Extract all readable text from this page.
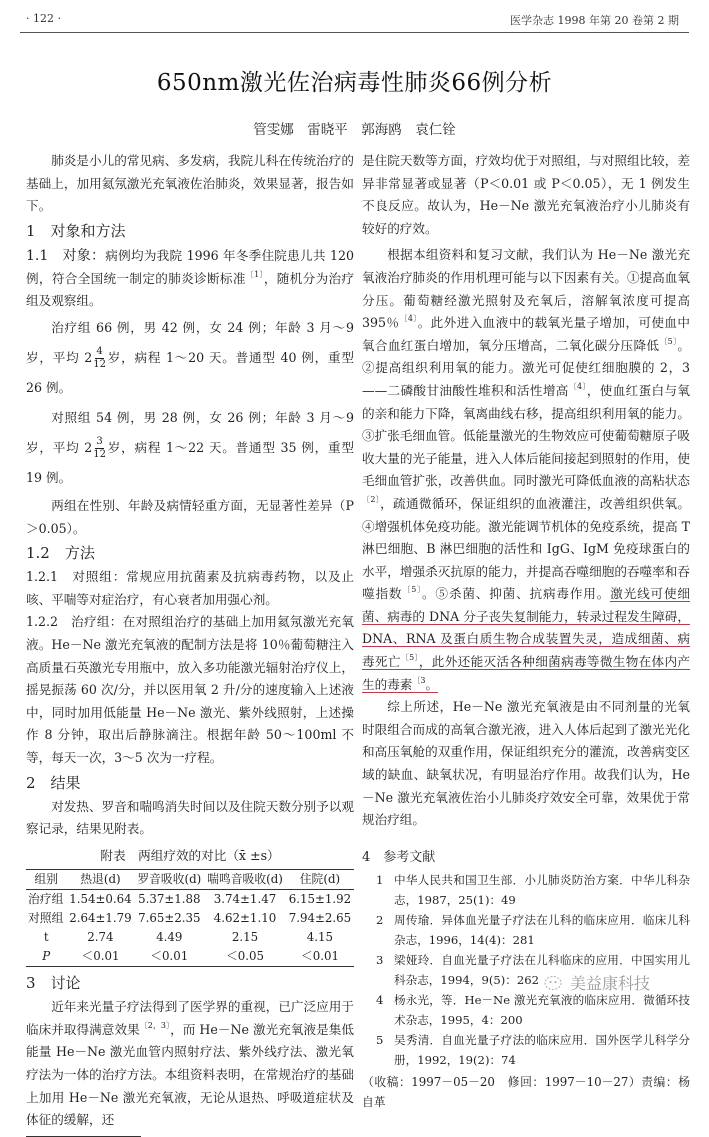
· 122 ·	医学杂志 1998 年第 20 卷第 2 期
650nm激光佐治病毒性肺炎66例分析
管雯娜　雷晓平　郭海鸥　袁仁铨

肺炎是小儿的常见病、多发病，我院儿科在传统治疗的基础上，加用氦氖激光充氧液佐治肺炎，效果显著，报告如下。

1　对象和方法

1.1 对象：病例均为我院 1996 年冬季住院患儿共 120 例，符合全国统一制定的肺炎诊断标准$^{〔1〕}$，随机分为治疗组及观察组。

治疗组 66 例，男 42 例，女 24 例；年龄 3 月～9 岁，平均 $2 \frac{4}{12}$ 岁，病程 1～20 天。普通型 40 例，重型 26 例。

对照组 54 例，男 28 例，女 26 例；年龄 3 月～9 岁，平均 $2 \frac{3}{12}$ 岁，病程 1～22 天。普通型 35 例，重型 19 例。

两组在性别、年龄及病情轻重方面，无显著性差异（P＞0.05）。

1.2　方法

1.2.1　对照组：常规应用抗菌素及抗病毒药物，以及止咳、平喘等对症治疗，有心衰者加用强心剂。

1.2.2　治疗组：在对照组治疗的基础上加用氦氖激光充氧液。He－Ne 激光充氧液的配制方法是将 10％葡萄糖注入高质量石英激光专用瓶中，放入多功能激光辐射治疗仪上，摇晃振荡 60 次/分，并以医用氧 2 升/分的速度输入上述液中，同时加用低能量 He－Ne 激光、紫外线照射，上述操作 8 分钟，取出后静脉滴注。根据年龄 50～100ml 不等，每天一次，3～5 次为一疗程。

2　结果

对发热、罗音和喘鸣消失时间以及住院天数分别予以观察记录，结果见附表。

附表　两组疗效的对比（x̄ ±s）
组别	热退(d)	罗音吸收(d)	喘鸣音吸收(d)	住院(d)
治疗组	1.54±0.64	5.37±1.88	3.74±1.47	6.15±1.92
对照组	2.64±1.79	7.65±2.35	4.62±1.10	7.94±2.65
t	2.74	4.49	2.15	4.15
P	＜0.01	＜0.01	＜0.05	＜0.01
3　讨论

近年来光量子疗法得到了医学界的重视，已广泛应用于临床并取得满意效果$^{〔2,3〕}$，而 He－Ne 激光充氧液是集低能量 He－Ne 激光血管内照射疗法、紫外线疗法、激光氧疗法为一体的治疗方法。本组资料表明，在常规治疗的基础上加用 He－Ne 激光充氧液，无论从退热、呼吸道症状及体征的缓解，还

是住院天数等方面，疗效均优于对照组，与对照组比较，差异非常显著或显著（P＜0.01 或 P＜0.05），无 1 例发生不良反应。故认为，He－Ne 激光充氧液治疗小儿肺炎有较好的疗效。

根据本组资料和复习文献，我们认为 He－Ne 激光充氧液治疗肺炎的作用机理可能与以下因素有关。①提高血氧分压。葡萄糖经激光照射及充氧后，溶解氧浓度可提高 395％$^{〔4〕}$。此外进入血液中的载氧光量子增加，可使血中氧合血红蛋白增加，氧分压增高，二氧化碳分压降低$^{〔5〕}$。②提高组织利用氧的能力。激光可促使红细胞膜的 2，3——二磷酸甘油酸性堆积和活性增高$^{〔4〕}$，使血红蛋白与氧的亲和能力下降，氧离曲线右移，提高组织利用氧的能力。③扩张毛细血管。低能量激光的生物效应可使葡萄糖原子吸收大量的光子能量，进入人体后能间接起到照射的作用，使毛细血管扩张，改善供血。同时激光可降低血液的高粘状态$^{〔2〕}$，疏通微循环，保证组织的血液灌注，改善组织供氧。④增强机体免疫功能。激光能调节机体的免疫系统，提高 T 淋巴细胞、B 淋巴细胞的活性和 IgG、IgM 免疫球蛋白的水平，增强杀灭抗原的能力，并提高吞噬细胞的吞噬率和吞噬指数$^{〔5〕}$。⑤杀菌、抑菌、抗病毒作用。激光线可使细菌、病毒的 DNA 分子丧失复制能力，转录过程发生障碍，DNA、RNA 及蛋白质生物合成装置失灵，造成细菌、病毒死亡$^{〔5〕}$，此外还能灭活各种细菌病毒等微生物在体内产生的毒素$^{〔3}$。

综上所述，He－Ne 激光充氧液是由不同剂量的光氧时限组合而成的高氧合激光液，进入人体后起到了激光光化和高压氧舱的双重作用，保证组织充分的灌流，改善病变区域的缺血、缺氧状况，有明显治疗作用。故我们认为，He－Ne 激光充氧液佐治小儿肺炎疗效安全可靠，效果优于常规治疗组。

4　参考文献
1 中华人民共和国卫生部．小儿肺炎防治方案．中华儿科杂志，1987，25(1)：49
2 周传瑜．异体血光量子疗法在儿科的临床应用．临床儿科杂志，1996，14(4)：281
3 梁娅玲．自血光量子疗法在儿科临床的应用．中国实用儿科杂志，1994，9(5)：262
4 杨永光，等．He－Ne 激光充氧液的临床应用．微循环技术杂志，1995，4：200
5 吴秀清．自血光量子疗法的临床应用．国外医学儿科学分册，1992，19(2)：74
（收稿：1997－05－20　修回：1997－10－27）责编：杨自革
美益康科技
